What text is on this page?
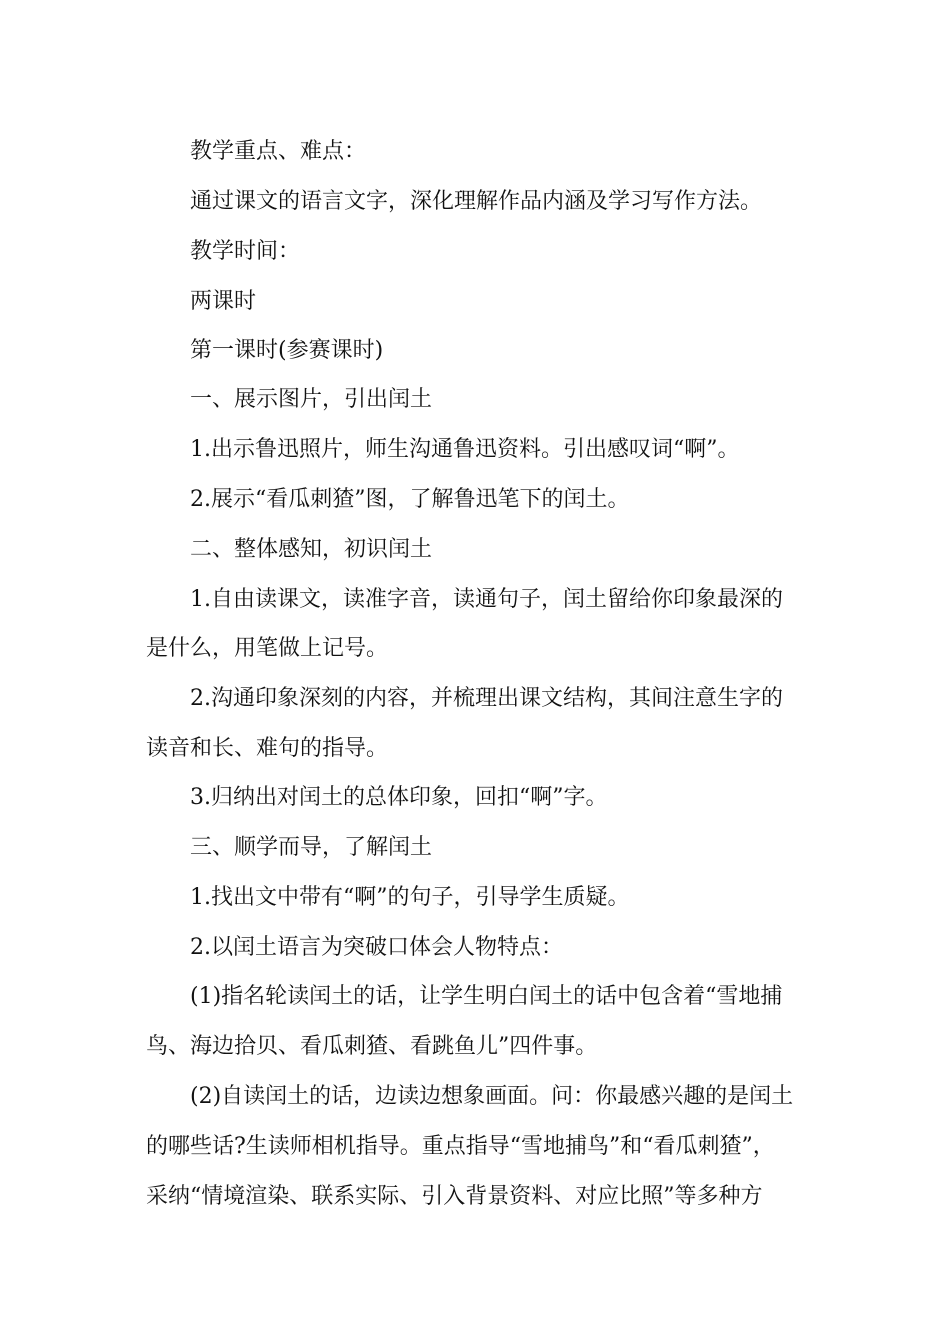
教学重点、难点：
通过课文的语言文字，深化理解作品内涵及学习写作方法。
教学时间：
两课时
第一课时(参赛课时)
一、展示图片，引出闰土
1.出示鲁迅照片，师生沟通鲁迅资料。引出感叹词“啊”。
2.展示“看瓜刺猹”图，了解鲁迅笔下的闰土。
二、整体感知，初识闰土
1.自由读课文，读准字音，读通句子，闰土留给你印象最深的
是什么，用笔做上记号。
2.沟通印象深刻的内容，并梳理出课文结构，其间注意生字的
读音和长、难句的指导。
3.归纳出对闰土的总体印象，回扣“啊”字。
三、顺学而导，了解闰土
1.找出文中带有“啊”的句子，引导学生质疑。
2.以闰土语言为突破口体会人物特点：
(1)指名轮读闰土的话，让学生明白闰土的话中包含着“雪地捕
鸟、海边拾贝、看瓜刺猹、看跳鱼儿”四件事。
(2)自读闰土的话，边读边想象画面。问：你最感兴趣的是闰土
的哪些话?生读师相机指导。重点指导“雪地捕鸟”和“看瓜刺猹”，
采纳“情境渲染、联系实际、引入背景资料、对应比照”等多种方
